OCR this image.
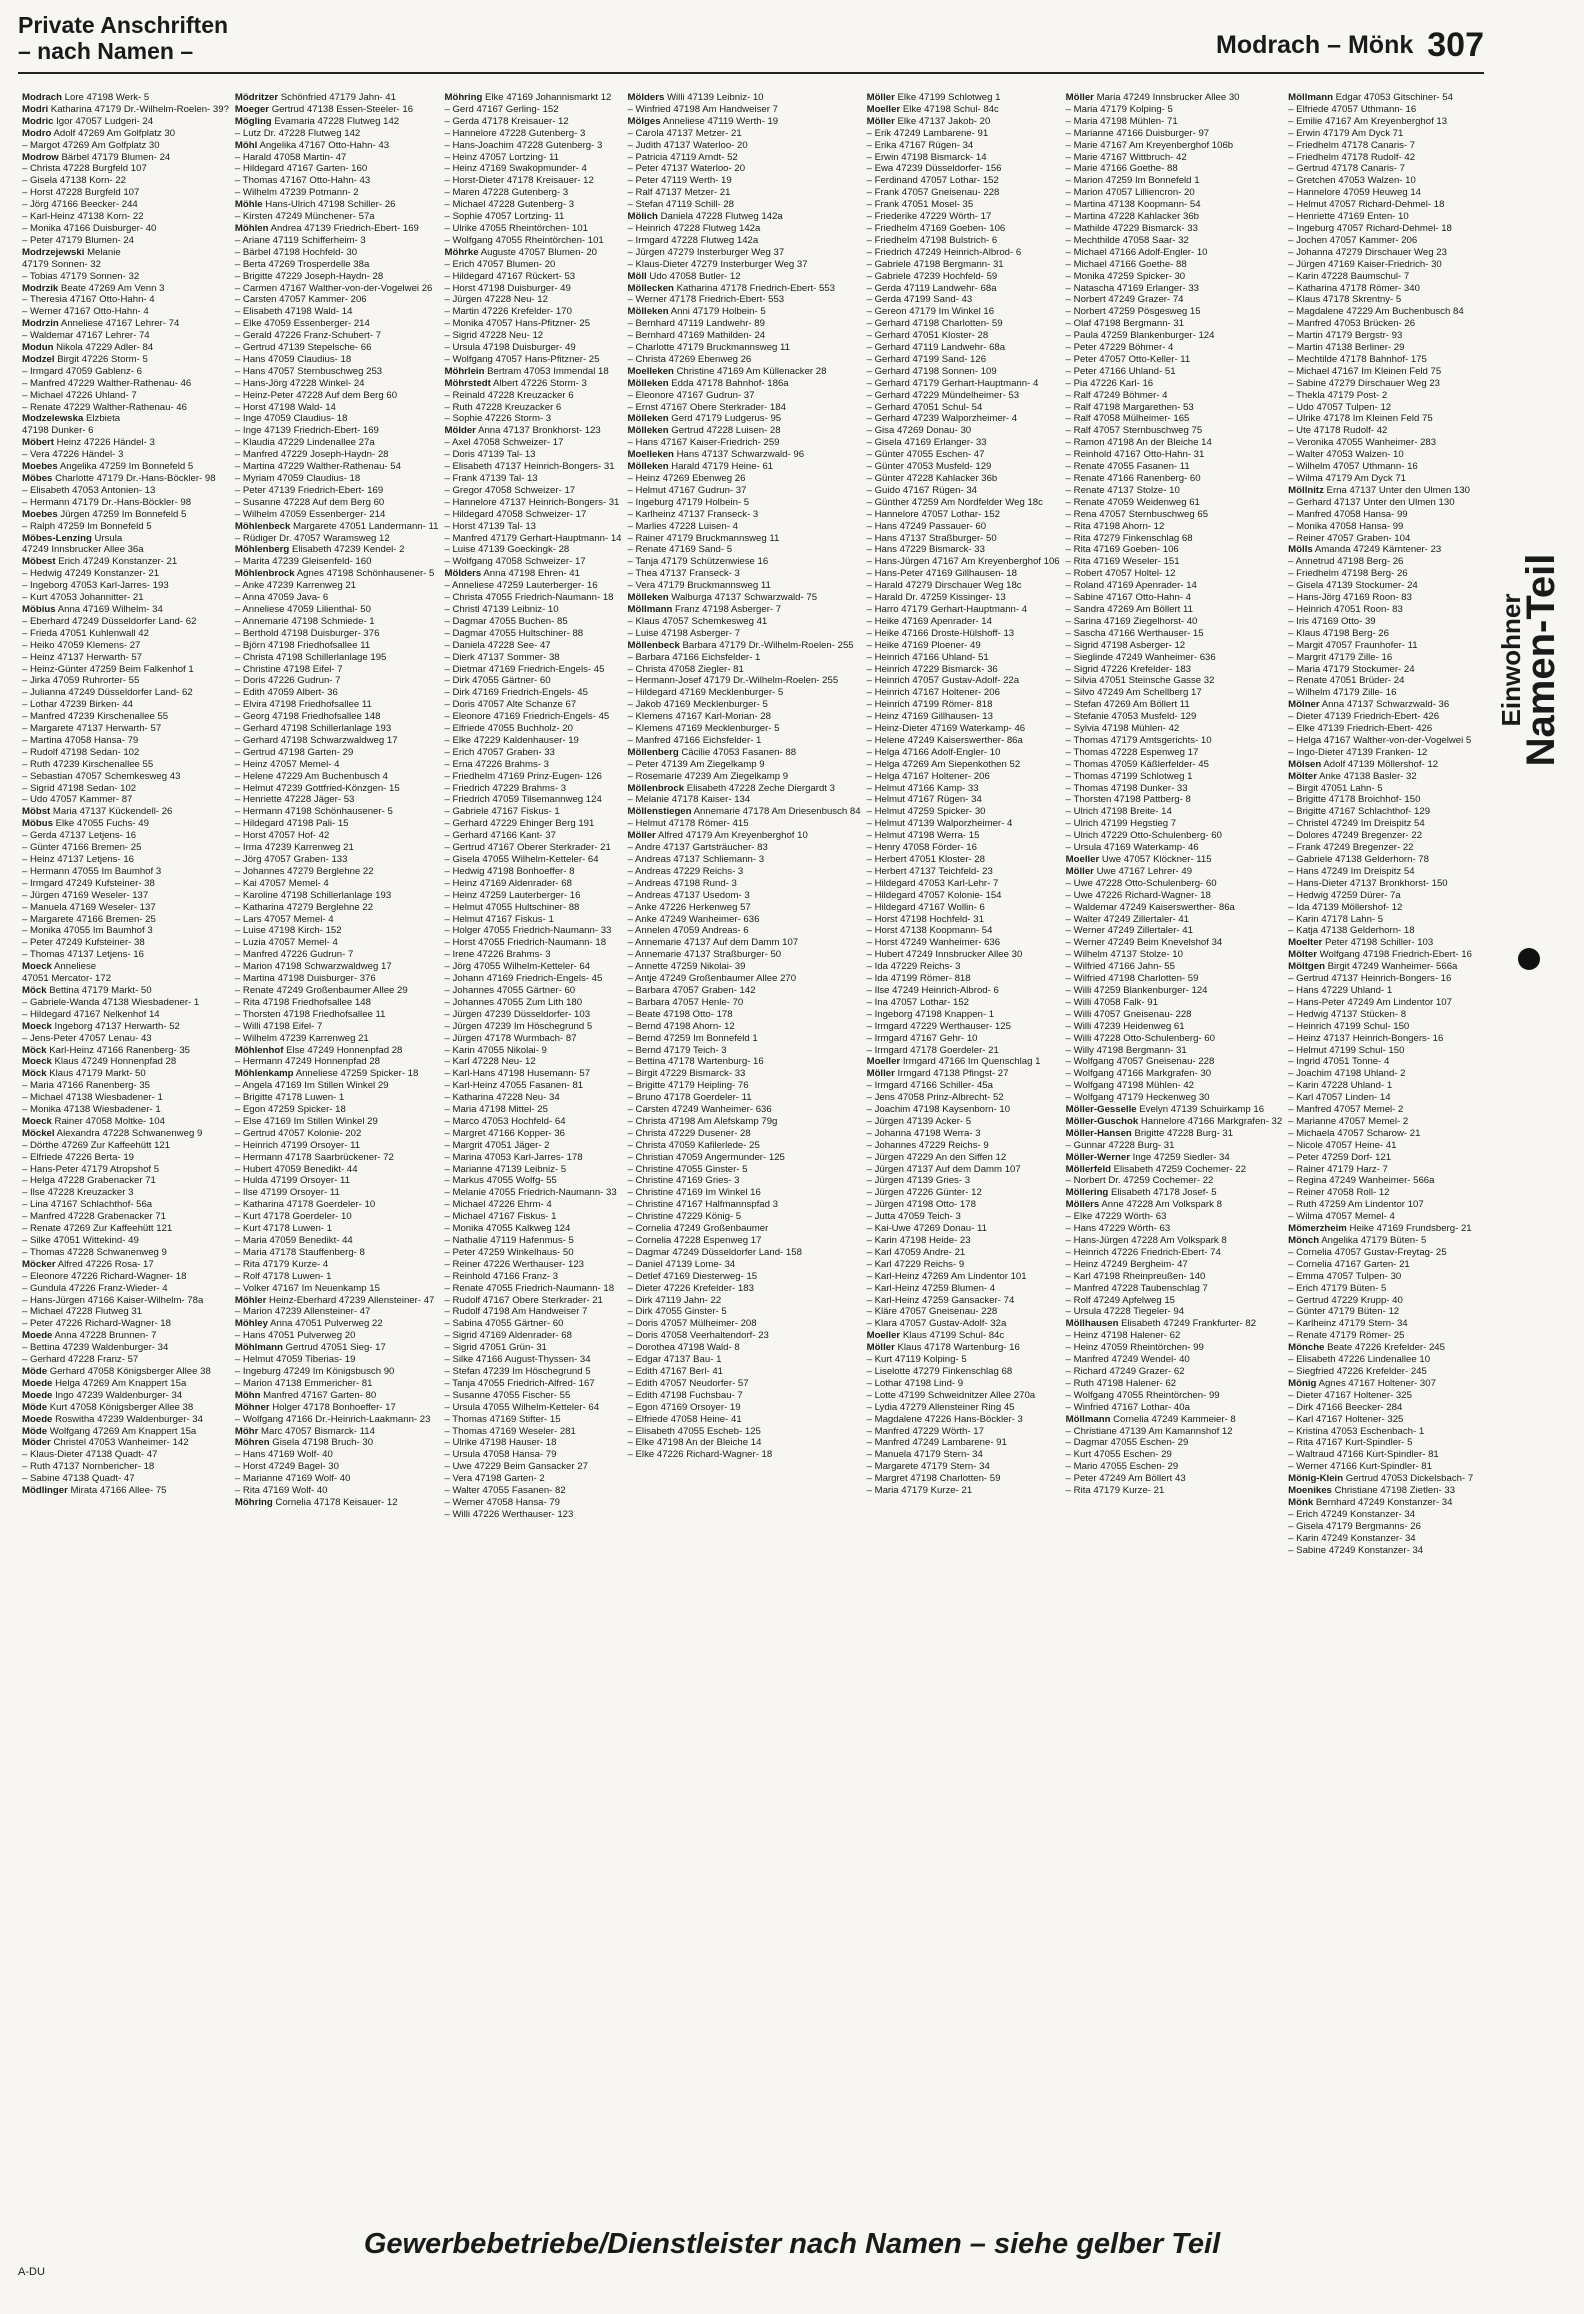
Private Anschriften
– nach Namen –	Modrach – Mönk 307
Modrach Lore 47198 Werk- 5
Modri Katharina 47179 Dr.-Wilhelm-Roelen- 39?
Modric Igor 47057 Ludgeri- 24
Modro Adolf 47269 Am Golfplatz 30
– Margot 47269 Am Golfplatz 30
Modrow Bärbel 47179 Blumen- 24
– Christa 47228 Burgfeld 107
– Gisela 47138 Korn- 22
– Horst 47228 Burgfeld 107
– Jörg 47166 Beecker- 244
– Karl-Heinz 47138 Korn- 22
– Monika 47166 Duisburger- 40
– Peter 47179 Blumen- 24
Modrzejewski Melanie
47179 Sonnen- 32
– Tobias 47179 Sonnen- 32
Modrzik Beate 47269 Am Venn 3
– Theresia 47167 Otto-Hahn- 4
– Werner 47167 Otto-Hahn- 4
Modrzin Anneliese 47167 Lehrer- 74
– Waldemar 47167 Lehrer- 74
Modun Nikola 47229 Adler- 84
Modzel Birgit 47226 Storm- 5
– Irmgard 47059 Gablenz- 6
– Manfred 47229 Walther-Rathenau- 46
– Michael 47226 Uhland- 7
– Renate 47229 Walther-Rathenau- 46
Modzelewska Elzbieta
47198 Dunker- 6
Möbert Heinz 47226 Händel- 3
– Vera 47226 Händel- 3
Moebes Angelika 47259 Im Bonnefeld 5
Möbes Charlotte 47179 Dr.-Hans-Böckler- 98
– Elisabeth 47053 Antonien- 13
– Hermann 47179 Dr.-Hans-Böckler- 98
Moebes Jürgen 47259 Im Bonnefeld 5
– Ralph 47259 Im Bonnefeld 5
Möbes-Lenzing Ursula
47249 Innsbrucker Allee 36a
Möbest Erich 47249 Konstanzer- 21
– Hedwig 47249 Konstanzer- 21
– Ingeborg 47053 Karl-Jarres- 193
– Kurt 47053 Johannitter- 21
Möbius Anna 47169 Wilhelm- 34
– Eberhard 47249 Düsseldorfer Land- 62
– Frieda 47051 Kuhlenwall 42
– Heiko 47059 Klemens- 27
– Heinz 47137 Herwarth- 57
– Heinz-Günter 47259 Beim Falkenhof 1
– Jirka 47059 Ruhrorter- 55
– Julianna 47249 Düsseldorfer Land- 62
– Lothar 47239 Birken- 44
– Manfred 47239 Kirschenallee 55
– Margarete 47137 Herwarth- 57
– Martina 47058 Hansa- 79
– Rudolf 47198 Sedan- 102
– Ruth 47239 Kirschenallee 55
– Sebastian 47057 Schemkesweg 43
– Sigrid 47198 Sedan- 102
– Udo 47057 Kammer- 87
Möbst Maria 47137 Kückendell- 26
Möbus Elke 47055 Fuchs- 49
– Gerda 47137 Letjens- 16
– Günter 47166 Bremen- 25
– Heinz 47137 Letjens- 16
– Hermann 47055 Im Baumhof 3
– Irmgard 47249 Kufsteiner- 38
– Jürgen 47169 Weseler- 137
– Manuela 47169 Weseler- 137
– Margarete 47166 Bremen- 25
– Monika 47055 Im Baumhof 3
– Peter 47249 Kufsteiner- 38
– Thomas 47137 Letjens- 16
Moeck Anneliese
47051 Mercator- 172
Möck Bettina 47179 Markt- 50
– Gabriele-Wanda 47138 Wiesbadener- 1
– Hildegard 47167 Nelkenhof 14
Moeck Ingeborg 47137 Herwarth- 52
– Jens-Peter 47057 Lenau- 43
Möck Karl-Heinz 47166 Ranenberg- 35
Moeck Klaus 47249 Honnenpfad 28
Möck Klaus 47179 Markt- 50
– Maria 47166 Ranenberg- 35
– Michael 47138 Wiesbadener- 1
– Monika 47138 Wiesbadener- 1
Moeck Rainer 47058 Moltke- 104
Möckel Alexandra 47228 Schwanenweg 9
– Dörthe 47269 Zur Kaffeehütt 121
– Elfriede 47226 Berta- 19
– Hans-Peter 47179 Atropshof 5
– Helga 47228 Grabenacker 71
– Ilse 47228 Kreuzacker 3
– Lina 47167 Schlachthof- 56a
– Manfred 47228 Grabenacker 71
– Renate 47269 Zur Kaffeehütt 121
– Silke 47051 Wittekind- 49
– Thomas 47228 Schwanenweg 9
Möcker Alfred 47226 Rosa- 17
– Eleonore 47226 Richard-Wagner- 18
– Gundula 47226 Franz-Wieder- 4
– Hans-Jürgen 47166 Kaiser-Wilhelm- 78a
– Michael 47228 Flutweg 31
– Peter 47226 Richard-Wagner- 18
Moede Anna 47228 Brunnen- 7
– Bettina 47239 Waldenburger- 34
– Gerhard 47228 Franz- 57
Möde Gerhard 47058 Königsberger Allee 38
Moede Helga 47269 Am Knappert 15a
Moede Ingo 47239 Waldenburger- 34
Möde Kurt 47058 Königsberger Allee 38
Moede Roswitha 47239 Waldenburger- 34
Möde Wolfgang 47269 Am Knappert 15a
Möder Christel 47053 Wanheimer- 142
– Klaus-Dieter 47138 Quadt- 47
– Ruth 47137 Nornbericher- 18
– Sabine 47138 Quadt- 47
Mödlinger Mirata 47166 Allee- 75
Mödritzer Schönfried 47179 Jahn- 41
Moeger Gertrud 47138 Essen-Steeler- 16
Mögling Evamaria 47228 Flutweg 142
– Lutz Dr. 47228 Flutweg 142
Möhl Angelika 47167 Otto-Hahn- 43
– Harald 47058 Martin- 47
– Hildegard 47167 Garten- 160
– Thomas 47167 Otto-Hahn- 43
– Wilhelm 47239 Potmann- 2
Möhle Hans-Ulrich 47198 Schiller- 26
– Kirsten 47249 Münchener- 57a
Möhlen Andrea 47139 Friedrich-Ebert- 169
– Ariane 47119 Schifferheim- 3
– Bärbel 47198 Hochfeld- 30
– Berta 47269 Trosperdelle 38a
– Brigitte 47229 Joseph-Haydn- 28
– Carmen 47167 Walther-von-der-Vogelwei 26
– Carsten 47057 Kammer- 206
– Elisabeth 47198 Wald- 14
– Elke 47059 Essenberger- 214
– Gerald 47226 Franz-Schubert- 7
– Gertrud 47139 Stepelsche- 66
– Hans 47059 Claudius- 18
– Hans 47057 Sternbuschweg 253
– Hans-Jörg 47228 Winkel- 24
– Heinz-Peter 47228 Auf dem Berg 60
– Horst 47198 Wald- 14
– Inge 47059 Claudius- 18
– Inge 47139 Friedrich-Ebert- 169
– Klaudia 47229 Lindenallee 27a
– Manfred 47229 Joseph-Haydn- 28
– Martina 47229 Walther-Rathenau- 54
– Myriam 47059 Claudius- 18
– Peter 47139 Friedrich-Ebert- 169
– Susanne 47228 Auf dem Berg 60
– Wilhelm 47059 Essenberger- 214
Möhlenbeck Margarete 47051 Landermann- 11
– Rüdiger Dr. 47057 Waramsweg 12
Möhlenberg Elisabeth 47239 Kendel- 2
– Marita 47239 Gleisenfeld- 160
Möhlenbrock Agnes 47198 Schönhausener- 5
– Anke 47239 Karrenweg 21
– Anna 47059 Java- 6
– Anneliese 47059 Lilienthal- 50
– Annemarie 47198 Schmiede- 1
– Berthold 47198 Duisburger- 376
– Björn 47198 Friedhofsallee 11
– Christa 47198 Schillerlanlage 195
– Christine 47198 Eifel- 7
– Doris 47226 Gudrun- 7
– Edith 47059 Albert- 36
– Elvira 47198 Friedhofsallee 11
– Georg 47198 Friedhofsallee 148
– Gerhard 47198 Schillerlanlage 193
– Gerhard 47198 Schwarzwaldweg 17
– Gertrud 47198 Garten- 29
– Heinz 47057 Memel- 4
– Helene 47229 Am Buchenbusch 4
– Helmut 47239 Gottfried-Könzgen- 15
– Henriette 47228 Jäger- 53
– Hermann 47198 Schönhausener- 5
– Hildegard 47198 Pali- 15
– Horst 47057 Hof- 42
– Irma 47239 Karrenweg 21
– Jörg 47057 Graben- 133
– Johannes 47279 Berglehne 22
– Kai 47057 Memel- 4
– Karoline 47198 Schillerlanlage 193
– Katharina 47279 Berglehne 22
– Lars 47057 Memel- 4
– Luise 47198 Kirch- 152
– Luzia 47057 Memel- 4
– Manfred 47226 Gudrun- 7
– Marion 47198 Schwarzwaldweg 17
– Martina 47198 Duisburger- 376
– Renate 47249 Großenbaumer Allee 29
– Rita 47198 Friedhofsallee 148
– Thorsten 47198 Friedhofsallee 11
– Willi 47198 Eifel- 7
– Wilhelm 47239 Karrenweg 21
Möhlenhof Else 47249 Honnenpfad 28
– Hermann 47249 Honnenpfad 28
Möhlenkamp Anneliese 47259 Spicker- 18
– Angela 47169 Im Stillen Winkel 29
– Brigitte 47178 Luwen- 1
– Egon 47259 Spicker- 18
– Else 47169 Im Stillen Winkel 29
– Gertrud 47057 Kolonie- 202
– Heinrich 47199 Orsoyer- 11
– Hermann 47178 Saarbrückener- 72
– Hubert 47059 Benedikt- 44
– Hulda 47199 Orsoyer- 11
– Ilse 47199 Orsoyer- 11
– Katharina 47178 Goerdeler- 10
– Kurt 47178 Goerdeler- 10
– Kurt 47178 Luwen- 1
– Maria 47059 Benedikt- 44
– Maria 47178 Stauffenberg- 8
– Rita 47179 Kurze- 4
– Rolf 47178 Luwen- 1
– Volker 47167 Im Neuenkamp 15
Möhler Heinz-Eberhard 47239 Allensteiner- 47
– Marion 47239 Allensteiner- 47
Möhley Anna 47051 Pulverweg 22
– Hans 47051 Pulverweg 20
Möhlmann Gertrud 47051 Sieg- 17
– Helmut 47059 Tiberias- 19
– Ingeburg 47249 Im Königsbusch 90
– Marion 47138 Emmericher- 81
Möhn Manfred 47167 Garten- 80
Möhner Holger 47178 Bonhoeffer- 17
– Wolfgang 47166 Dr.-Heinrich-Laakmann- 23
Möhr Marc 47057 Bismarck- 114
Möhren Gisela 47198 Bruch- 30
– Hans 47169 Wolf- 40
– Horst 47249 Bagel- 30
– Marianne 47169 Wolf- 40
– Rita 47169 Wolf- 40
Möhring Cornelia 47178 Keisauer- 12
Möhring Elke 47169 Johannismarkt 12
– Gerd 47167 Gerling- 152
– Gerda 47178 Kreisauer- 12
– Hannelore 47228 Gutenberg- 3
– Hans-Joachim 47228 Gutenberg- 3
– Heinz 47057 Lortzing- 11
– Heinz 47169 Swakopmunder- 4
– Horst-Dieter 47178 Kreisauer- 12
– Maren 47228 Gutenberg- 3
– Michael 47228 Gutenberg- 3
– Sophie 47057 Lortzing- 11
– Ulrike 47055 Rheintörchen- 101
– Wolfgang 47055 Rheintörchen- 101
Möhrke Auguste 47057 Blumen- 20
– Erich 47057 Blumen- 20
– Hildegard 47167 Rückert- 53
– Horst 47198 Duisburger- 49
– Jürgen 47228 Neu- 12
– Martin 47226 Krefelder- 170
– Monika 47057 Hans-Pfitzner- 25
– Sigrid 47228 Neu- 12
– Ursula 47198 Duisburger- 49
– Wolfgang 47057 Hans-Pfitzner- 25
Möhrlein Bertram 47053 Immendal 18
Möhrstedt Albert 47226 Storm- 3
– Reinald 47228 Kreuzacker 6
– Ruth 47228 Kreuzacker 6
– Sophie 47226 Storm- 3
Mölder Anna 47137 Bronkhorst- 123
– Axel 47058 Schweizer- 17
– Doris 47139 Tal- 13
– Elisabeth 47137 Heinrich-Bongers- 31
– Frank 47139 Tal- 13
– Gregor 47058 Schweizer- 17
– Hannelore 47137 Heinrich-Bongers- 31
– Hildegard 47058 Schweizer- 17
– Horst 47139 Tal- 13
– Manfred 47179 Gerhart-Hauptmann- 14
– Luise 47139 Goeckingk- 28
– Wolfgang 47058 Schweizer- 17
Mölders Anna 47198 Ehren- 41
– Anneliese 47259 Lauterberger- 16
– Christa 47055 Friedrich-Naumann- 18
– Christl 47139 Leibniz- 10
– Dagmar 47055 Buchen- 85
– Dagmar 47055 Hultschiner- 88
– Daniela 47228 See- 47
– Dierk 47137 Sommer- 38
– Dietmar 47169 Friedrich-Engels- 45
– Dirk 47055 Gärtner- 60
– Dirk 47169 Friedrich-Engels- 45
– Doris 47057 Alte Schanze 67
– Eleonore 47169 Friedrich-Engels- 45
– Elfriede 47055 Buchholz- 20
– Elke 47229 Kaldenhauser- 19
– Erich 47057 Graben- 33
– Erna 47226 Brahms- 3
– Friedhelm 47169 Prinz-Eugen- 126
– Friedrich 47229 Brahms- 3
– Friedrich 47059 Tilsemannweg 124
– Gabriele 47167 Fiskus- 1
– Gerhard 47229 Ehinger Berg 191
– Gerhard 47166 Kant- 37
– Gertrud 47167 Oberer Sterkrader- 21
– Gisela 47055 Wilhelm-Ketteler- 64
– Hedwig 47198 Bonhoeffer- 8
– Heinz 47169 Aldenrader- 68
– Heinz 47259 Lauterberger- 16
– Helmut 47055 Hultschiner- 88
– Helmut 47167 Fiskus- 1
– Holger 47055 Friedrich-Naumann- 33
– Horst 47055 Friedrich-Naumann- 18
– Irene 47226 Brahms- 3
– Jörg 47055 Wilhelm-Ketteler- 64
– Johann 47169 Friedrich-Engels- 45
– Johannes 47055 Gärtner- 60
– Johannes 47055 Zum Lith 180
– Jürgen 47239 Düsseldorfer- 103
– Jürgen 47239 Im Höschegrund 5
– Jürgen 47178 Wurmbach- 87
– Karin 47055 Nikolai- 9
– Karl 47228 Neu- 12
– Karl-Hans 47198 Husemann- 57
– Karl-Heinz 47055 Fasanen- 81
– Katharina 47228 Neu- 34
– Maria 47198 Mittel- 25
– Marco 47053 Hochfeld- 64
– Margret 47166 Kopper- 36
– Margrit 47051 Jäger- 2
– Marina 47053 Karl-Jarres- 178
– Marianne 47139 Leibniz- 5
– Markus 47055 Wolfg- 55
– Melanie 47055 Friedrich-Naumann- 33
– Michael 47226 Ehrm- 4
– Michael 47167 Fiskus- 1
– Monika 47055 Kalkweg 124
– Nathalie 47119 Hafenmus- 5
– Peter 47259 Winkelhaus- 50
– Reiner 47226 Werthauser- 123
– Reinhold 47166 Franz- 3
– Renate 47055 Friedrich-Naumann- 18
– Rudolf 47167 Obere Sterkrader- 21
– Rudolf 47198 Am Handweiser 7
– Sabina 47055 Gärtner- 60
– Sigrid 47169 Aldenrader- 68
– Sigrid 47051 Grün- 31
– Silke 47166 August-Thyssen- 34
– Stefan 47239 Im Höschegrund 5
– Tanja 47055 Friedrich-Alfred- 167
– Susanne 47055 Fischer- 55
– Ursula 47055 Wilhelm-Ketteler- 64
– Thomas 47169 Stifter- 15
– Thomas 47169 Weseler- 281
– Ulrike 47198 Hauser- 18
– Ursula 47058 Hansa- 79
– Uwe 47229 Beim Gansacker 27
– Vera 47198 Garten- 2
– Walter 47055 Fasanen- 82
– Werner 47058 Hansa- 79
– Willi 47226 Werthauser- 123
Mölders Willi 47139 Leibniz- 10
– Winfried 47198 Am Handweiser 7
Mölges Anneliese 47119 Werth- 19
– Carola 47137 Metzer- 21
– Judith 47137 Waterloo- 20
– Patricia 47119 Arndt- 52
– Peter 47137 Waterloo- 20
– Peter 47119 Werth- 19
– Ralf 47137 Metzer- 21
– Stefan 47119 Schill- 28
Mölich Daniela 47228 Flutweg 142a
– Heinrich 47228 Flutweg 142a
– Irmgard 47228 Flutweg 142a
– Jürgen 47279 Insterburger Weg 37
– Klaus-Dieter 47279 Insterburger Weg 37
Möll Udo 47058 Butler- 12
Möllecken Katharina 47178 Friedrich-Ebert- 553
– Werner 47178 Friedrich-Ebert- 553
Mölleken Anni 47179 Holbein- 5
– Bernhard 47119 Landwehr- 89
– Bernhard 47169 Mathilden- 24
– Charlotte 47179 Bruckmannsweg 11
– Christa 47269 Ebenweg 26
Moelleken Christine 47169 Am Küllenacker 28
Mölleken Edda 47178 Bahnhof- 186a
– Eleonore 47167 Gudrun- 37
– Ernst 47167 Obere Sterkrader- 184
Mölleken Gerd 47179 Ludgerus- 95
Mölleken Gertrud 47228 Luisen- 28
– Hans 47167 Kaiser-Friedrich- 259
Moelleken Hans 47137 Schwarzwald- 96
Mölleken Harald 47179 Heine- 61
– Heinz 47269 Ebenweg 26
– Helmut 47167 Gudrun- 37
– Ingeburg 47179 Holbein- 5
– Karlheinz 47137 Franseck- 3
– Marlies 47228 Luisen- 4
– Rainer 47179 Bruckmannsweg 11
– Renate 47169 Sand- 5
– Tanja 47179 Schützenwiese 16
– Thea 47137 Franseck- 3
– Vera 47179 Bruckmannsweg 11
Mölleken Walburga 47137 Schwarzwald- 75
Möllmann Franz 47198 Asberger- 7
– Klaus 47057 Schemkesweg 41
– Luise 47198 Asberger- 7
Möllenbeck Barbara 47179 Dr.-Wilhelm-Roelen- 255
– Barbara 47166 Eichsfelder- 1
– Christa 47058 Ziegler- 81
– Hermann-Josef 47179 Dr.-Wilhelm-Roelen- 255
– Hildegard 47169 Mecklenburger- 5
– Jakob 47169 Mecklenburger- 5
– Klemens 47167 Karl-Morian- 28
– Klemens 47169 Mecklenburger- 5
– Manfred 47166 Eichsfelder- 1
Möllenberg Cäcilie 47053 Fasanen- 88
– Peter 47139 Am Ziegelkamp 9
– Rosemarie 47239 Am Ziegelkamp 9
Möllenbrock Elisabeth 47228 Zeche Diergardt 3
– Melanie 47178 Kaiser- 134
Möllenstiegen Annemarie 47178 Am Driesenbusch 84
– Helmut 47178 Römer- 415
Möller Alfred 47179 Am Kreyenberghof 10
– Andre 47137 Gartsträucher- 83
– Andreas 47137 Schliemann- 3
– Andreas 47229 Reichs- 3
– Andreas 47198 Rund- 3
– Andreas 47137 Usedom- 3
– Anke 47226 Herkenweg 57
– Anke 47249 Wanheimer- 636
– Annelen 47059 Andreas- 6
– Annemarie 47137 Auf dem Damm 107
– Annemarie 47137 Straßburger- 50
– Annette 47259 Nikolai- 39
– Antje 47249 Großenbaumer Allee 270
– Barbara 47057 Graben- 142
– Barbara 47057 Henle- 70
– Beate 47198 Otto- 178
– Bernd 47198 Ahorn- 12
– Bernd 47259 Im Bonnefeld 1
– Bernd 47179 Teich- 3
– Bettina 47178 Wartenburg- 16
– Birgit 47229 Bismarck- 33
– Brigitte 47179 Heipling- 76
– Bruno 47178 Goerdeler- 11
– Carsten 47249 Wanheimer- 636
– Christa 47198 Am Alefskamp 79g
– Christa 47229 Dusener- 28
– Christa 47059 Kafilerlede- 25
– Christian 47059 Angermunder- 125
– Christine 47055 Ginster- 5
– Christine 47169 Gries- 3
– Christine 47169 Im Winkel 16
– Christine 47167 Halfmannspfad 3
– Christine 47229 König- 5
– Cornelia 47249 Großenbaumer
– Cornelia 47228 Espenweg 17
– Dagmar 47249 Düsseldorfer Land- 158
– Daniel 47139 Lome- 34
– Detlef 47169 Diesterweg- 15
– Dieter 47226 Krefelder- 183
– Dirk 47119 Jahn- 22
– Dirk 47055 Ginster- 5
– Doris 47057 Mülheimer- 208
– Doris 47058 Veerhaltendorf- 23
– Dorothea 47198 Wald- 8
– Edgar 47137 Bau- 1
– Edith 47167 Berl- 41
– Edith 47057 Neudorfer- 57
– Edith 47198 Fuchsbau- 7
– Egon 47169 Orsoyer- 19
– Elfriede 47058 Heine- 41
– Elisabeth 47055 Escheb- 125
– Elke 47198 An der Bleiche 14
– Elke 47226 Richard-Wagner- 18
Möller Elke 47199 Schlotweg 1
Moeller Elke 47198 Schul- 84c
Möller Elke 47137 Jakob- 20
– Erik 47249 Lambarene- 91
– Erika 47167 Rügen- 34
– Erwin 47198 Bismarck- 14
– Ewa 47239 Düsseldorfer- 156
– Ferdinand 47057 Lothar- 152
– Frank 47057 Gneisenau- 228
– Frank 47051 Mosel- 35
– Friederike 47229 Wörth- 17
– Friedhelm 47169 Goeben- 106
– Friedhelm 47198 Bulstrich- 6
– Friedrich 47249 Heinrich-Albrod- 6
– Gabriele 47198 Bergmann- 31
– Gabriele 47239 Hochfeld- 59
– Gerda 47119 Landwehr- 68a
– Gerda 47199 Sand- 43
– Gereon 47179 Im Winkel 16
– Gerhard 47198 Charlotten- 59
– Gerhard 47051 Kloster- 28
– Gerhard 47119 Landwehr- 68a
– Gerhard 47199 Sand- 126
– Gerhard 47198 Sonnen- 109
– Gerhard 47179 Gerhart-Hauptmann- 4
– Gerhard 47229 Mündelheimer- 53
– Gerhard 47051 Schul- 54
– Gerhard 47239 Walporzheimer- 4
– Gisa 47269 Donau- 30
– Gisela 47169 Erlanger- 33
– Günter 47055 Eschen- 47
– Günter 47053 Musfeld- 129
– Günter 47228 Kahlacker 36b
– Guido 47167 Rügen- 34
– Günther 47259 Am Nordfelder Weg 18c
– Hannelore 47057 Lothar- 152
– Hans 47249 Passauer- 60
– Hans 47137 Straßburger- 50
– Hans 47229 Bismarck- 33
– Hans-Jürgen 47167 Am Kreyenberghof 106
– Hans-Peter 47169 Gillhausen- 18
– Harald 47279 Dirschauer Weg 18c
– Harald Dr. 47259 Kissinger- 13
– Harro 47179 Gerhart-Hauptmann- 4
– Heike 47169 Apenrader- 14
– Heike 47166 Droste-Hülshoff- 13
– Heike 47169 Ploener- 49
– Heinrich 47166 Uhland- 51
– Heinrich 47229 Bismarck- 36
– Heinrich 47057 Gustav-Adolf- 22a
– Heinrich 47167 Holtener- 206
– Heinrich 47199 Römer- 818
– Heinz 47169 Gillhausen- 13
– Heinz-Dieter 47169 Waterkamp- 46
– Helene 47249 Kaiserswerther- 86a
– Helga 47166 Adolf-Engler- 10
– Helga 47269 Am Siepenkothen 52
– Helga 47167 Holtener- 206
– Helmut 47166 Kamp- 33
– Helmut 47167 Rügen- 34
– Helmut 47259 Spicker- 30
– Helmut 47139 Walporzheimer- 4
– Helmut 47198 Werra- 15
– Henry 47058 Förder- 16
– Herbert 47051 Kloster- 28
– Herbert 47137 Teichfeld- 23
– Hildegard 47053 Karl-Lehr- 7
– Hildegard 47057 Kolonie- 154
– Hildegard 47167 Wollin- 6
– Horst 47198 Hochfeld- 31
– Horst 47138 Koopmann- 54
– Horst 47249 Wanheimer- 636
– Hubert 47249 Innsbrucker Allee 30
– Ida 47229 Reichs- 3
– Ida 47199 Römer- 818
– Ilse 47249 Heinrich-Albrod- 6
– Ina 47057 Lothar- 152
– Ingeborg 47198 Knappen- 1
– Irmgard 47229 Werthauser- 125
– Irmgard 47167 Gehr- 10
– Irmgard 47178 Goerdeler- 21
Moeller Irmgard 47166 Im Quenschlag 1
Möller Irmgard 47138 Pfingst- 27
– Irmgard 47166 Schiller- 45a
– Jens 47058 Prinz-Albrecht- 52
– Joachim 47198 Kaysenborn- 10
– Jürgen 47139 Acker- 5
– Johanna 47198 Werra- 3
– Johannes 47229 Reichs- 9
– Jürgen 47229 An den Siffen 12
– Jürgen 47137 Auf dem Damm 107
– Jürgen 47139 Gries- 3
– Jürgen 47226 Günter- 12
– Jürgen 47198 Otto- 178
– Jutta 47059 Teich- 3
– Kai-Uwe 47269 Donau- 11
– Karin 47198 Heide- 23
– Karl 47059 Andre- 21
– Karl 47229 Reichs- 9
– Karl-Heinz 47269 Am Lindentor 101
– Karl-Heinz 47259 Blumen- 4
– Karl-Heinz 47259 Gansacker- 74
– Kläre 47057 Gneisenau- 228
– Klara 47057 Gustav-Adolf- 32a
Moeller Klaus 47199 Schul- 84c
Möller Klaus 47178 Wartenburg- 16
– Kurt 47119 Kolping- 5
– Liselotte 47279 Finkenschlag 68
– Lothar 47198 Lind- 9
– Lotte 47199 Schweidnitzer Allee 270a
– Lydia 47279 Allensteiner Ring 45
– Magdalene 47226 Hans-Böckler- 3
– Manfred 47229 Wörth- 17
– Manfred 47249 Lambarene- 91
– Manuela 47179 Stern- 34
– Margarete 47179 Stern- 34
– Margret 47198 Charlotten- 59
– Maria 47179 Kurze- 21
Möller Maria 47249 Innsbrucker Allee 30
– Maria 47179 Kolping- 5
– Maria 47198 Mühlen- 71
– Marianne 47166 Duisburger- 97
– Marie 47167 Am Kreyenberghof 106b
– Marie 47167 Wittbruch- 42
– Marie 47166 Goethe- 88
– Marion 47259 Im Bonnefeld 1
– Marion 47057 Lilliencron- 20
– Martina 47138 Koopmann- 54
– Martina 47228 Kahlacker 36b
– Mathilde 47229 Bismarck- 33
– Mechthilde 47058 Saar- 32
– Michael 47166 Adolf-Engler- 10
– Michael 47166 Goethe- 88
– Monika 47259 Spicker- 30
– Natascha 47169 Erlanger- 33
– Norbert 47249 Grazer- 74
– Norbert 47259 Pösgesweg 15
– Olaf 47198 Bergmann- 31
– Paula 47259 Blankenburger- 124
– Peter 47229 Böhmer- 4
– Peter 47057 Otto-Keller- 11
– Peter 47166 Uhland- 51
– Pia 47226 Karl- 16
– Ralf 47249 Böhmer- 4
– Ralf 47198 Margarethen- 53
– Ralf 47058 Mülheimer- 165
– Ralf 47057 Sternbuschweg 75
– Ramon 47198 An der Bleiche 14
– Reinhold 47167 Otto-Hahn- 31
– Renate 47055 Fasanen- 11
– Renate 47166 Ranenberg- 60
– Renate 47137 Stolze- 10
– Renate 47059 Weidenweg 61
– Rena 47057 Sternbuschweg 65
– Rita 47198 Ahorn- 12
– Rita 47279 Finkenschlag 68
– Rita 47169 Goeben- 106
– Rita 47169 Weseler- 151
– Robert 47057 Holtel- 12
– Roland 47169 Apenrader- 14
– Sabine 47167 Otto-Hahn- 4
– Sandra 47269 Am Böllert 11
– Sarina 47169 Ziegelhorst- 40
– Sascha 47166 Werthauser- 15
– Sigrid 47198 Asberger- 12
– Sieglinde 47249 Wanheimer- 636
– Sigrid 47226 Krefelder- 183
– Silvia 47051 Steinsche Gasse 32
– Silvo 47249 Am Schellberg 17
– Stefan 47269 Am Böllert 11
– Stefanie 47053 Musfeld- 129
– Sylvia 47198 Mühlen- 42
– Thomas 47179 Amtsgerichts- 10
– Thomas 47228 Espenweg 17
– Thomas 47059 Käßlerfelder- 45
– Thomas 47199 Schlotweg 1
– Thomas 47198 Dunker- 33
– Thorsten 47198 Pattberg- 8
– Ulrich 47198 Breite- 14
– Ulrich 47199 Hegstieg 7
– Ulrich 47229 Otto-Schulenberg- 60
– Ursula 47169 Waterkamp- 46
Moeller Uwe 47057 Klöckner- 115
Möller Uwe 47167 Lehrer- 49
– Uwe 47228 Otto-Schulenberg- 60
– Uwe 47226 Richard-Wagner- 18
– Waldemar 47249 Kaiserswerther- 86a
– Walter 47249 Zillertaler- 41
– Werner 47249 Zillertaler- 41
– Werner 47249 Beim Knevelshof 34
– Wilhelm 47137 Stolze- 10
– Wilfried 47166 Jahn- 55
– Wilfried 47198 Charlotten- 59
– Willi 47259 Blankenburger- 124
– Willi 47058 Falk- 91
– Willi 47057 Gneisenau- 228
– Willi 47239 Heidenweg 61
– Willi 47228 Otto-Schulenberg- 60
– Willy 47198 Bergmann- 31
– Wolfgang 47057 Gneisenau- 228
– Wolfgang 47166 Markgrafen- 30
– Wolfgang 47198 Mühlen- 42
– Wolfgang 47179 Heckenweg 30
Möller-Gesselle Evelyn 47139 Schuirkamp 16
Möller-Guschok Hannelore 47166 Markgrafen- 32
Möller-Hansen Brigitte 47228 Burg- 31
– Gunnar 47228 Burg- 31
Möller-Werner Inge 47259 Siedler- 34
Möllerfeld Elisabeth 47259 Cochemer- 22
– Norbert Dr. 47259 Cochemer- 22
Möllering Elisabeth 47178 Josef- 5
Möllers Anne 47228 Am Volkspark 8
– Elke 47229 Wörth- 63
– Hans 47229 Wörth- 63
– Hans-Jürgen 47228 Am Volkspark 8
– Heinrich 47226 Friedrich-Ebert- 74
– Heinz 47249 Bergheim- 47
– Karl 47198 Rheinpreußen- 140
– Manfred 47228 Taubenschlag 7
– Rolf 47249 Apfelweg 15
– Ursula 47228 Tiegeler- 94
Möllhausen Elisabeth 47249 Frankfurter- 82
– Heinz 47198 Halener- 62
– Heinz 47059 Rheintörchen- 99
– Manfred 47249 Wendel- 40
– Richard 47249 Grazer- 62
– Ruth 47198 Halener- 62
– Wolfgang 47055 Rheintörchen- 99
– Winfried 47167 Lothar- 40a
Möllmann Cornelia 47249 Kammeier- 8
– Christiane 47139 Am Kamannshof 12
– Dagmar 47055 Eschen- 29
– Kurt 47055 Eschen- 29
– Mario 47055 Eschen- 29
– Peter 47249 Am Böllert 43
– Rita 47179 Kurze- 21
Möllmann Edgar 47053 Gitschiner- 54
– Elfriede 47057 Uthmann- 16
– Emilie 47167 Am Kreyenberghof 13
– Erwin 47179 Am Dyck 71
– Friedhelm 47178 Canaris- 7
– Friedhelm 47178 Rudolf- 42
– Gertrud 47178 Canaris- 7
– Gretchen 47053 Walzen- 10
– Hannelore 47059 Heuweg 14
– Helmut 47057 Richard-Dehmel- 18
– Henriette 47169 Enten- 10
– Ingeburg 47057 Richard-Dehmel- 18
– Jochen 47057 Kammer- 206
– Johanna 47279 Dirschauer Weg 23
– Jürgen 47169 Kaiser-Friedrich- 30
– Karin 47228 Baumschul- 7
– Katharina 47178 Römer- 340
– Klaus 47178 Skrentny- 5
– Magdalene 47229 Am Buchenbusch 84
– Manfred 47053 Brücken- 26
– Martin 47179 Bergstr- 93
– Martin 47138 Berliner- 29
– Mechtilde 47178 Bahnhof- 175
– Michael 47167 Im Kleinen Feld 75
– Sabine 47279 Dirschauer Weg 23
– Thekla 47179 Post- 2
– Udo 47057 Tulpen- 12
– Ulrike 47178 Im Kleinen Feld 75
– Ute 47178 Rudolf- 42
– Veronika 47055 Wanheimer- 283
– Walter 47053 Walzen- 10
– Wilhelm 47057 Uthmann- 16
– Wilma 47179 Am Dyck 71
Möllnitz Erna 47137 Unter den Ulmen 130
– Gerhard 47137 Unter den Ulmen 130
– Manfred 47058 Hansa- 99
– Monika 47058 Hansa- 99
– Reiner 47057 Graben- 104
Mölls Amanda 47249 Kärntener- 23
– Annetrud 47198 Berg- 26
– Friedhelm 47198 Berg- 26
– Gisela 47139 Stockumer- 24
– Hans-Jörg 47169 Roon- 83
– Heinrich 47051 Roon- 83
– Iris 47169 Otto- 39
– Klaus 47198 Berg- 26
– Margit 47057 Fraunhofer- 11
– Margrit 47179 Zille- 16
– Maria 47179 Stockumer- 24
– Renate 47051 Brüder- 24
– Wilhelm 47179 Zille- 16
Mölner Anna 47137 Schwarzwald- 36
– Dieter 47139 Friedrich-Ebert- 426
– Elke 47139 Friedrich-Ebert- 426
– Helga 47167 Walther-von-der-Vogelwei 5
– Ingo-Dieter 47139 Franken- 12
Mölsen Adolf 47139 Möllershof- 12
Mölter Anke 47138 Basler- 32
– Birgit 47051 Lahn- 5
– Brigitte 47178 Broichhof- 150
– Brigitte 47167 Schlachthof- 129
– Christel 47249 Im Dreispitz 54
– Dolores 47249 Bregenzer- 22
– Frank 47249 Bregenzer- 22
– Gabriele 47138 Gelderhorn- 78
– Hans 47249 Im Dreispitz 54
– Hans-Dieter 47137 Bronkhorst- 150
– Hedwig 47259 Dürer- 7a
– Ida 47139 Möllershof- 12
– Karin 47178 Lahn- 5
– Katja 47138 Gelderhorn- 18
Moelter Peter 47198 Schiller- 103
Mölter Wolfgang 47198 Friedrich-Ebert- 16
Möltgen Birgit 47249 Wanheimer- 566a
– Gertrud 47137 Heinrich-Bongers- 16
– Hans 47229 Uhland- 1
– Hans-Peter 47249 Am Lindentor 107
– Hedwig 47137 Stücken- 8
– Heinrich 47199 Schul- 150
– Heinz 47137 Heinrich-Bongers- 16
– Helmut 47199 Schul- 150
– Ingrid 47051 Tonne- 4
– Joachim 47198 Uhland- 2
– Karin 47228 Uhland- 1
– Karl 47057 Linden- 14
– Manfred 47057 Memel- 2
– Marianne 47057 Memel- 2
– Michaela 47057 Scharow- 21
– Nicole 47057 Heine- 41
– Peter 47259 Dorf- 121
– Rainer 47179 Harz- 7
– Regina 47249 Wanheimer- 566a
– Reiner 47058 Roll- 12
– Ruth 47259 Am Lindentor 107
– Wilma 47057 Memel- 4
Mömerzheim Heike 47169 Frundsberg- 21
Mönch Angelika 47179 Büten- 5
– Cornelia 47057 Gustav-Freytag- 25
– Cornelia 47167 Garten- 21
– Emma 47057 Tulpen- 30
– Erich 47179 Büten- 5
– Gertrud 47229 Krupp- 40
– Günter 47179 Büten- 12
– Karlheinz 47179 Stern- 34
– Renate 47179 Römer- 25
Mönche Beate 47226 Krefelder- 245
– Elisabeth 47226 Lindenallee 10
– Siegfried 47226 Krefelder- 245
Mönig Agnes 47167 Holtener- 307
– Dieter 47167 Holtener- 325
– Dirk 47166 Beecker- 284
– Karl 47167 Holtener- 325
– Kristina 47053 Eschenbach- 1
– Rita 47167 Kurt-Spindler- 5
– Waltraud 47166 Kurt-Spindler- 81
– Werner 47166 Kurt-Spindler- 81
Mönig-Klein Gertrud 47053 Dickelsbach- 7
Moenikes Christiane 47198 Zietlen- 33
Mönk Bernhard 47249 Konstanzer- 34
– Erich 47249 Konstanzer- 34
– Gisela 47179 Bergmanns- 26
– Karin 47249 Konstanzer- 34
– Sabine 47249 Konstanzer- 34
Einwohner
Namen-Teil
Gewerbebetriebe/Dienstleister nach Namen – siehe gelber Teil
A-DU
